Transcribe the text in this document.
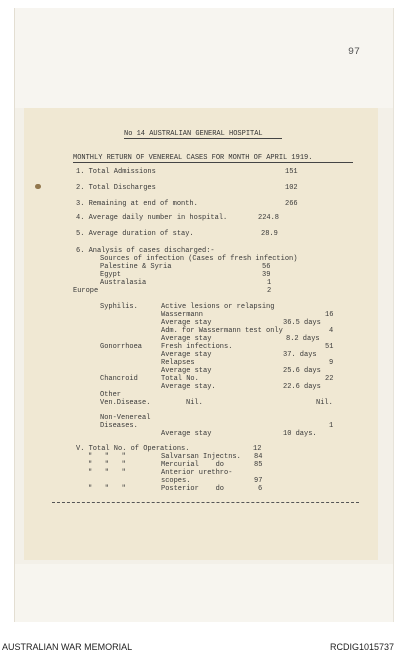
97
No 14 AUSTRALIAN GENERAL HOSPITAL
MONTHLY RETURN OF VENEREAL CASES FOR MONTH OF APRIL 1919.
1. Total Admissions	151
2. Total Discharges	102
3. Remaining at end of month.	266
4. Average daily number in hospital.	224.8
5. Average duration of stay.	28.9
6. Analysis of cases discharged:-
Sources of infection (Cases of fresh infection)
Palestine & Syria	56
Egypt	39
Australasia	1
Europe	2
Syphilis.	Active lesions or relapsing
Wassermann	16
Average stay	36.5 days
Adm. for Wassermann test only	4
Average stay	8.2 days
Gonorrhoea	Fresh infections.	51
Average stay	37. days
Relapses	9
Average stay	25.6 days
Chancroid	Total No.	22
Average stay.	22.6 days
Other
Ven.Disease.	Nil.	Nil.
Non-Venereal
Diseases.	1
Average stay	10 days.
V. Total No. of Operations.	12
"   "   "	Salvarsan Injectns. 84
"   "   "	Mercurial    do	85
"   "   "	Anterior urethro-
scopes.	97
"   "   "	Posterior    do	6
AUSTRALIAN WAR MEMORIAL	RCDIG1015737
